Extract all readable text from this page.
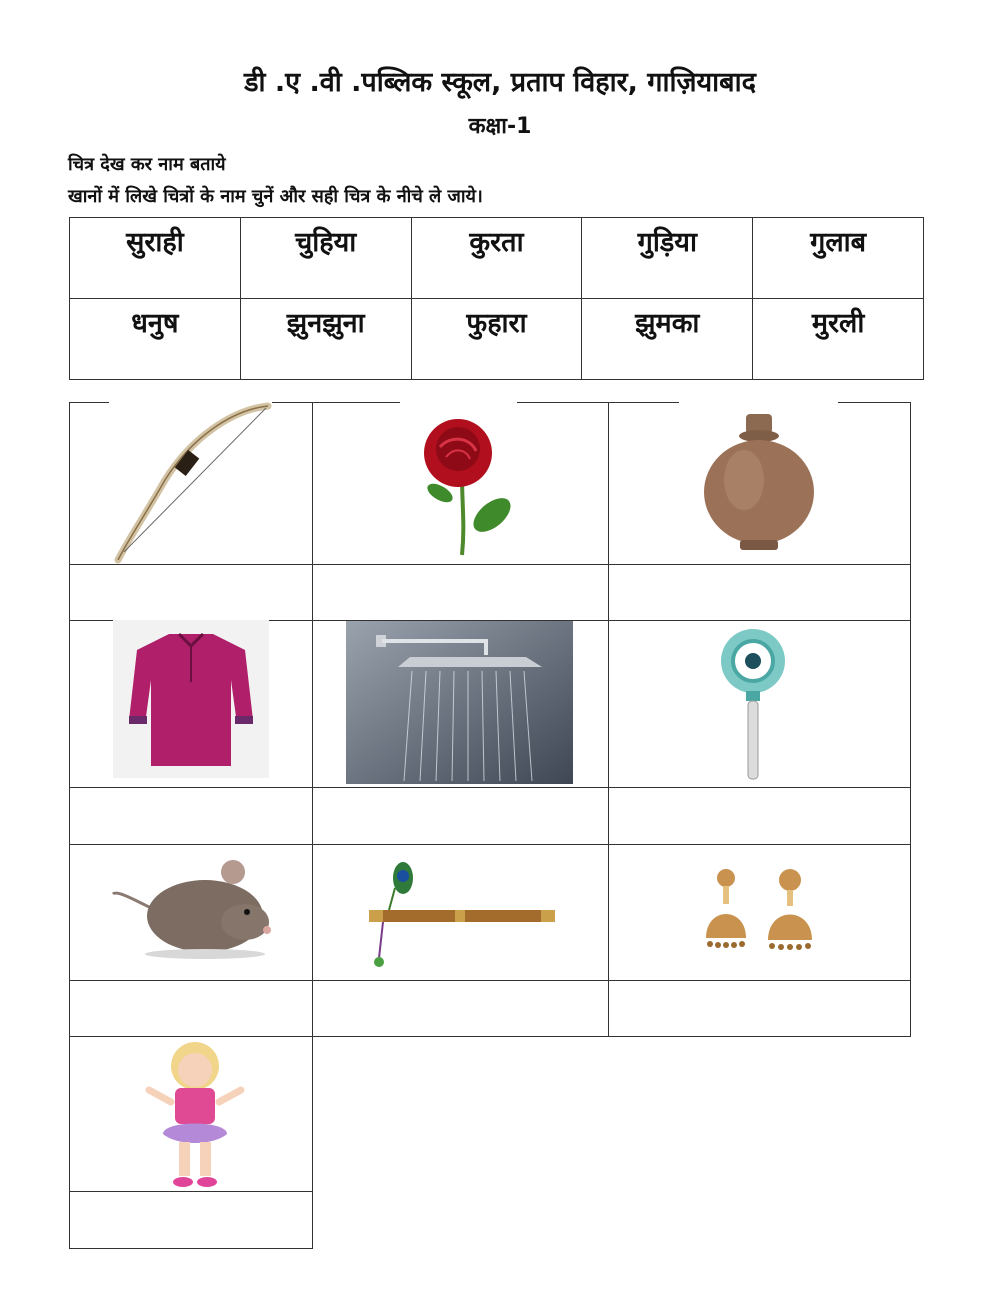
डी .ए .वी .पब्लिक स्कूल, प्रताप विहार, गाज़ियाबाद
कक्षा-1
चित्र देख कर नाम बताये
खानों में लिखे चित्रों के नाम चुनें और सही चित्र के नीचे ले जाये।
सुराही	चुहिया	कुरता	गुड़िया	गुलाब
धनुष	झुनझुना	फुहारा	झुमका	मुरली
